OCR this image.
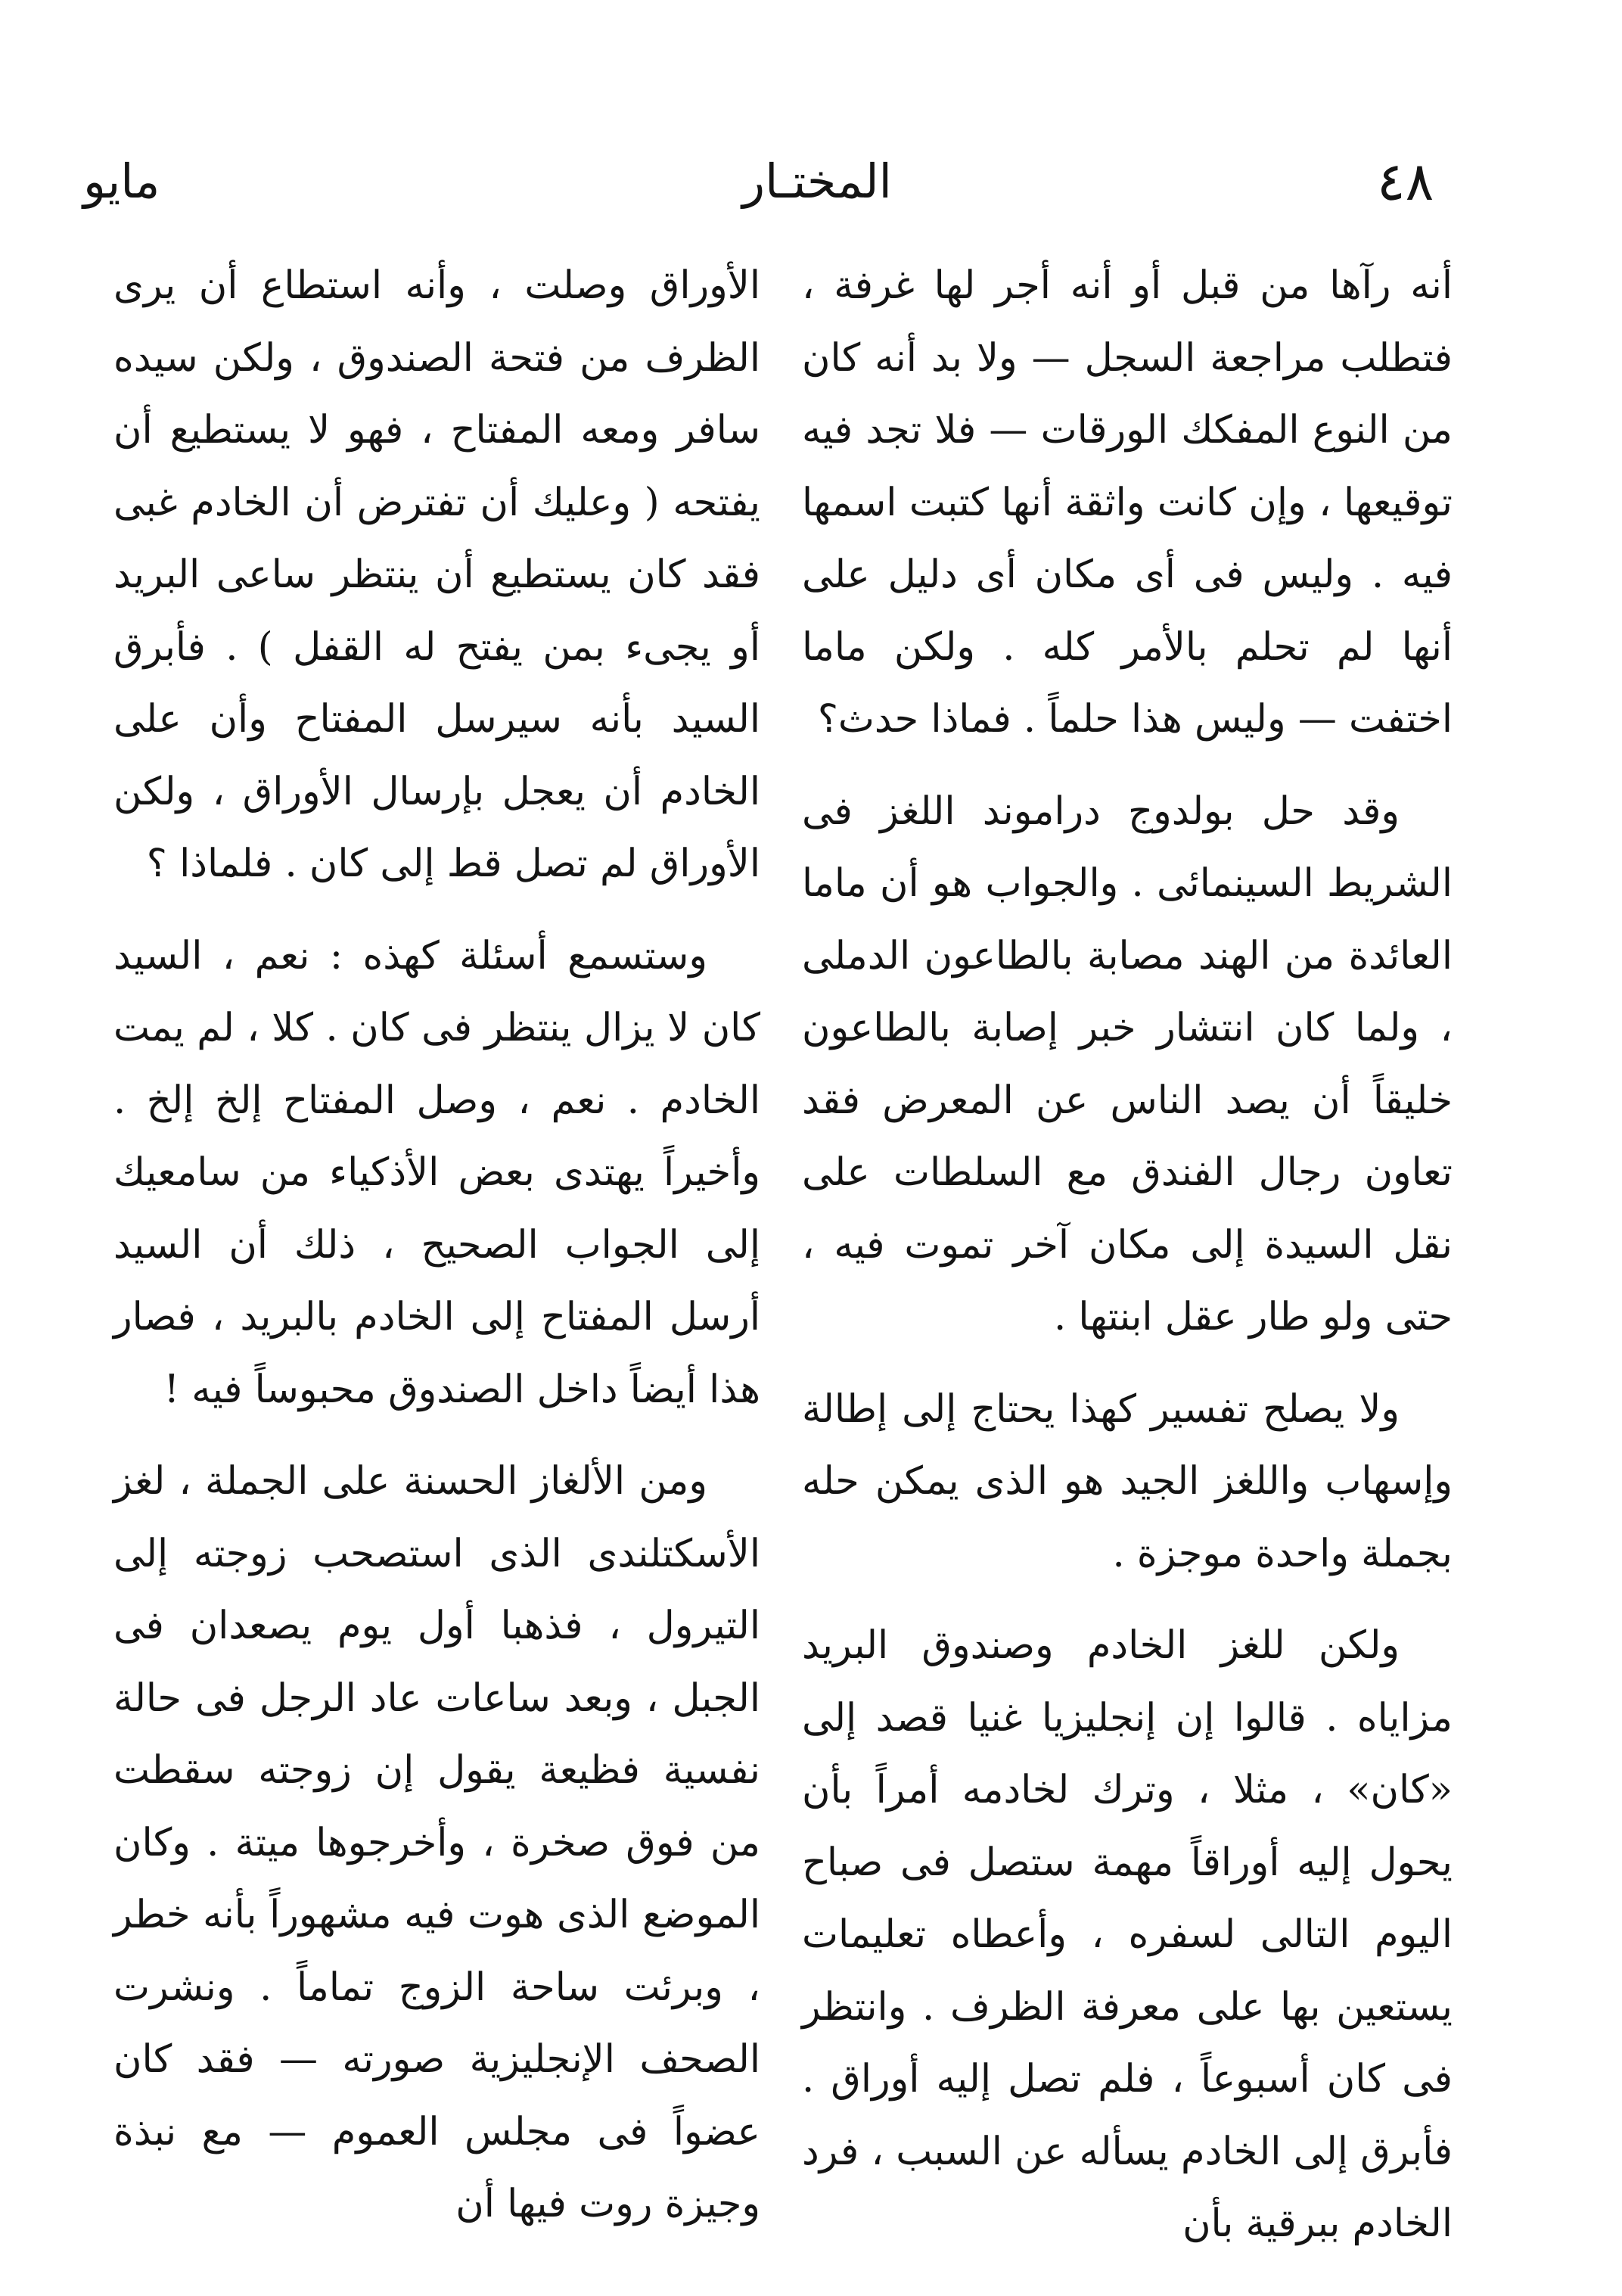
٤٨
المختـار
مايو

أنه رآها من قبل أو أنه أجر لها غرفة ، فتطلب مراجعة السجل — ولا بد أنه كان من النوع المفكك الورقات — فلا تجد فيه توقيعها ، وإن كانت واثقة أنها كتبت اسمها فيه . وليس فى أى مكان أى دليل على أنها لم تحلم بالأمر كله . ولكن ماما اختفت — وليس هذا حلماً . فماذا حدث؟

وقد حل بولدوج دراموند اللغز فى الشريط السينمائى . والجواب هو أن ماما العائدة من الهند مصابة بالطاعون الدملى ، ولما كان انتشار خبر إصابة بالطاعون خليقاً أن يصد الناس عن المعرض فقد تعاون رجال الفندق مع السلطات على نقل السيدة إلى مكان آخر تموت فيه ، حتى ولو طار عقل ابنتها .

ولا يصلح تفسير كهذا يحتاج إلى إطالة وإسهاب واللغز الجيد هو الذى يمكن حله بجملة واحدة موجزة .

ولكن للغز الخادم وصندوق البريد مزاياه . قالوا إن إنجليزيا غنيا قصد إلى «كان» ، مثلا ، وترك لخادمه أمراً بأن يحول إليه أوراقاً مهمة ستصل فى صباح اليوم التالى لسفره ، وأعطاه تعليمات يستعين بها على معرفة الظرف . وانتظر فى كان أسبوعاً ، فلم تصل إليه أوراق . فأبرق إلى الخادم يسأله عن السبب ، فرد الخادم ببرقية بأن

الأوراق وصلت ، وأنه استطاع أن يرى الظرف من فتحة الصندوق ، ولكن سيده سافر ومعه المفتاح ، فهو لا يستطيع أن يفتحه ( وعليك أن تفترض أن الخادم غبى فقد كان يستطيع أن ينتظر ساعى البريد أو يجىء بمن يفتح له القفل ) . فأبرق السيد بأنه سيرسل المفتاح وأن على الخادم أن يعجل بإرسال الأوراق ، ولكن الأوراق لم تصل قط إلى كان . فلماذا ؟

وستسمع أسئلة كهذه : نعم ، السيد كان لا يزال ينتظر فى كان . كلا ، لم يمت الخادم . نعم ، وصل المفتاح إلخ إلخ . وأخيراً يهتدى بعض الأذكياء من سامعيك إلى الجواب الصحيح ، ذلك أن السيد أرسل المفتاح إلى الخادم بالبريد ، فصار هذا أيضاً داخل الصندوق محبوساً فيه !

ومن الألغاز الحسنة على الجملة ، لغز الأسكتلندى الذى استصحب زوجته إلى التيرول ، فذهبا أول يوم يصعدان فى الجبل ، وبعد ساعات عاد الرجل فى حالة نفسية فظيعة يقول إن زوجته سقطت من فوق صخرة ، وأخرجوها ميتة . وكان الموضع الذى هوت فيه مشهوراً بأنه خطر ، وبرئت ساحة الزوج تماماً . ونشرت الصحف الإنجليزية صورته — فقد كان عضواً فى مجلس العموم — مع نبذة وجيزة روت فيها أن
